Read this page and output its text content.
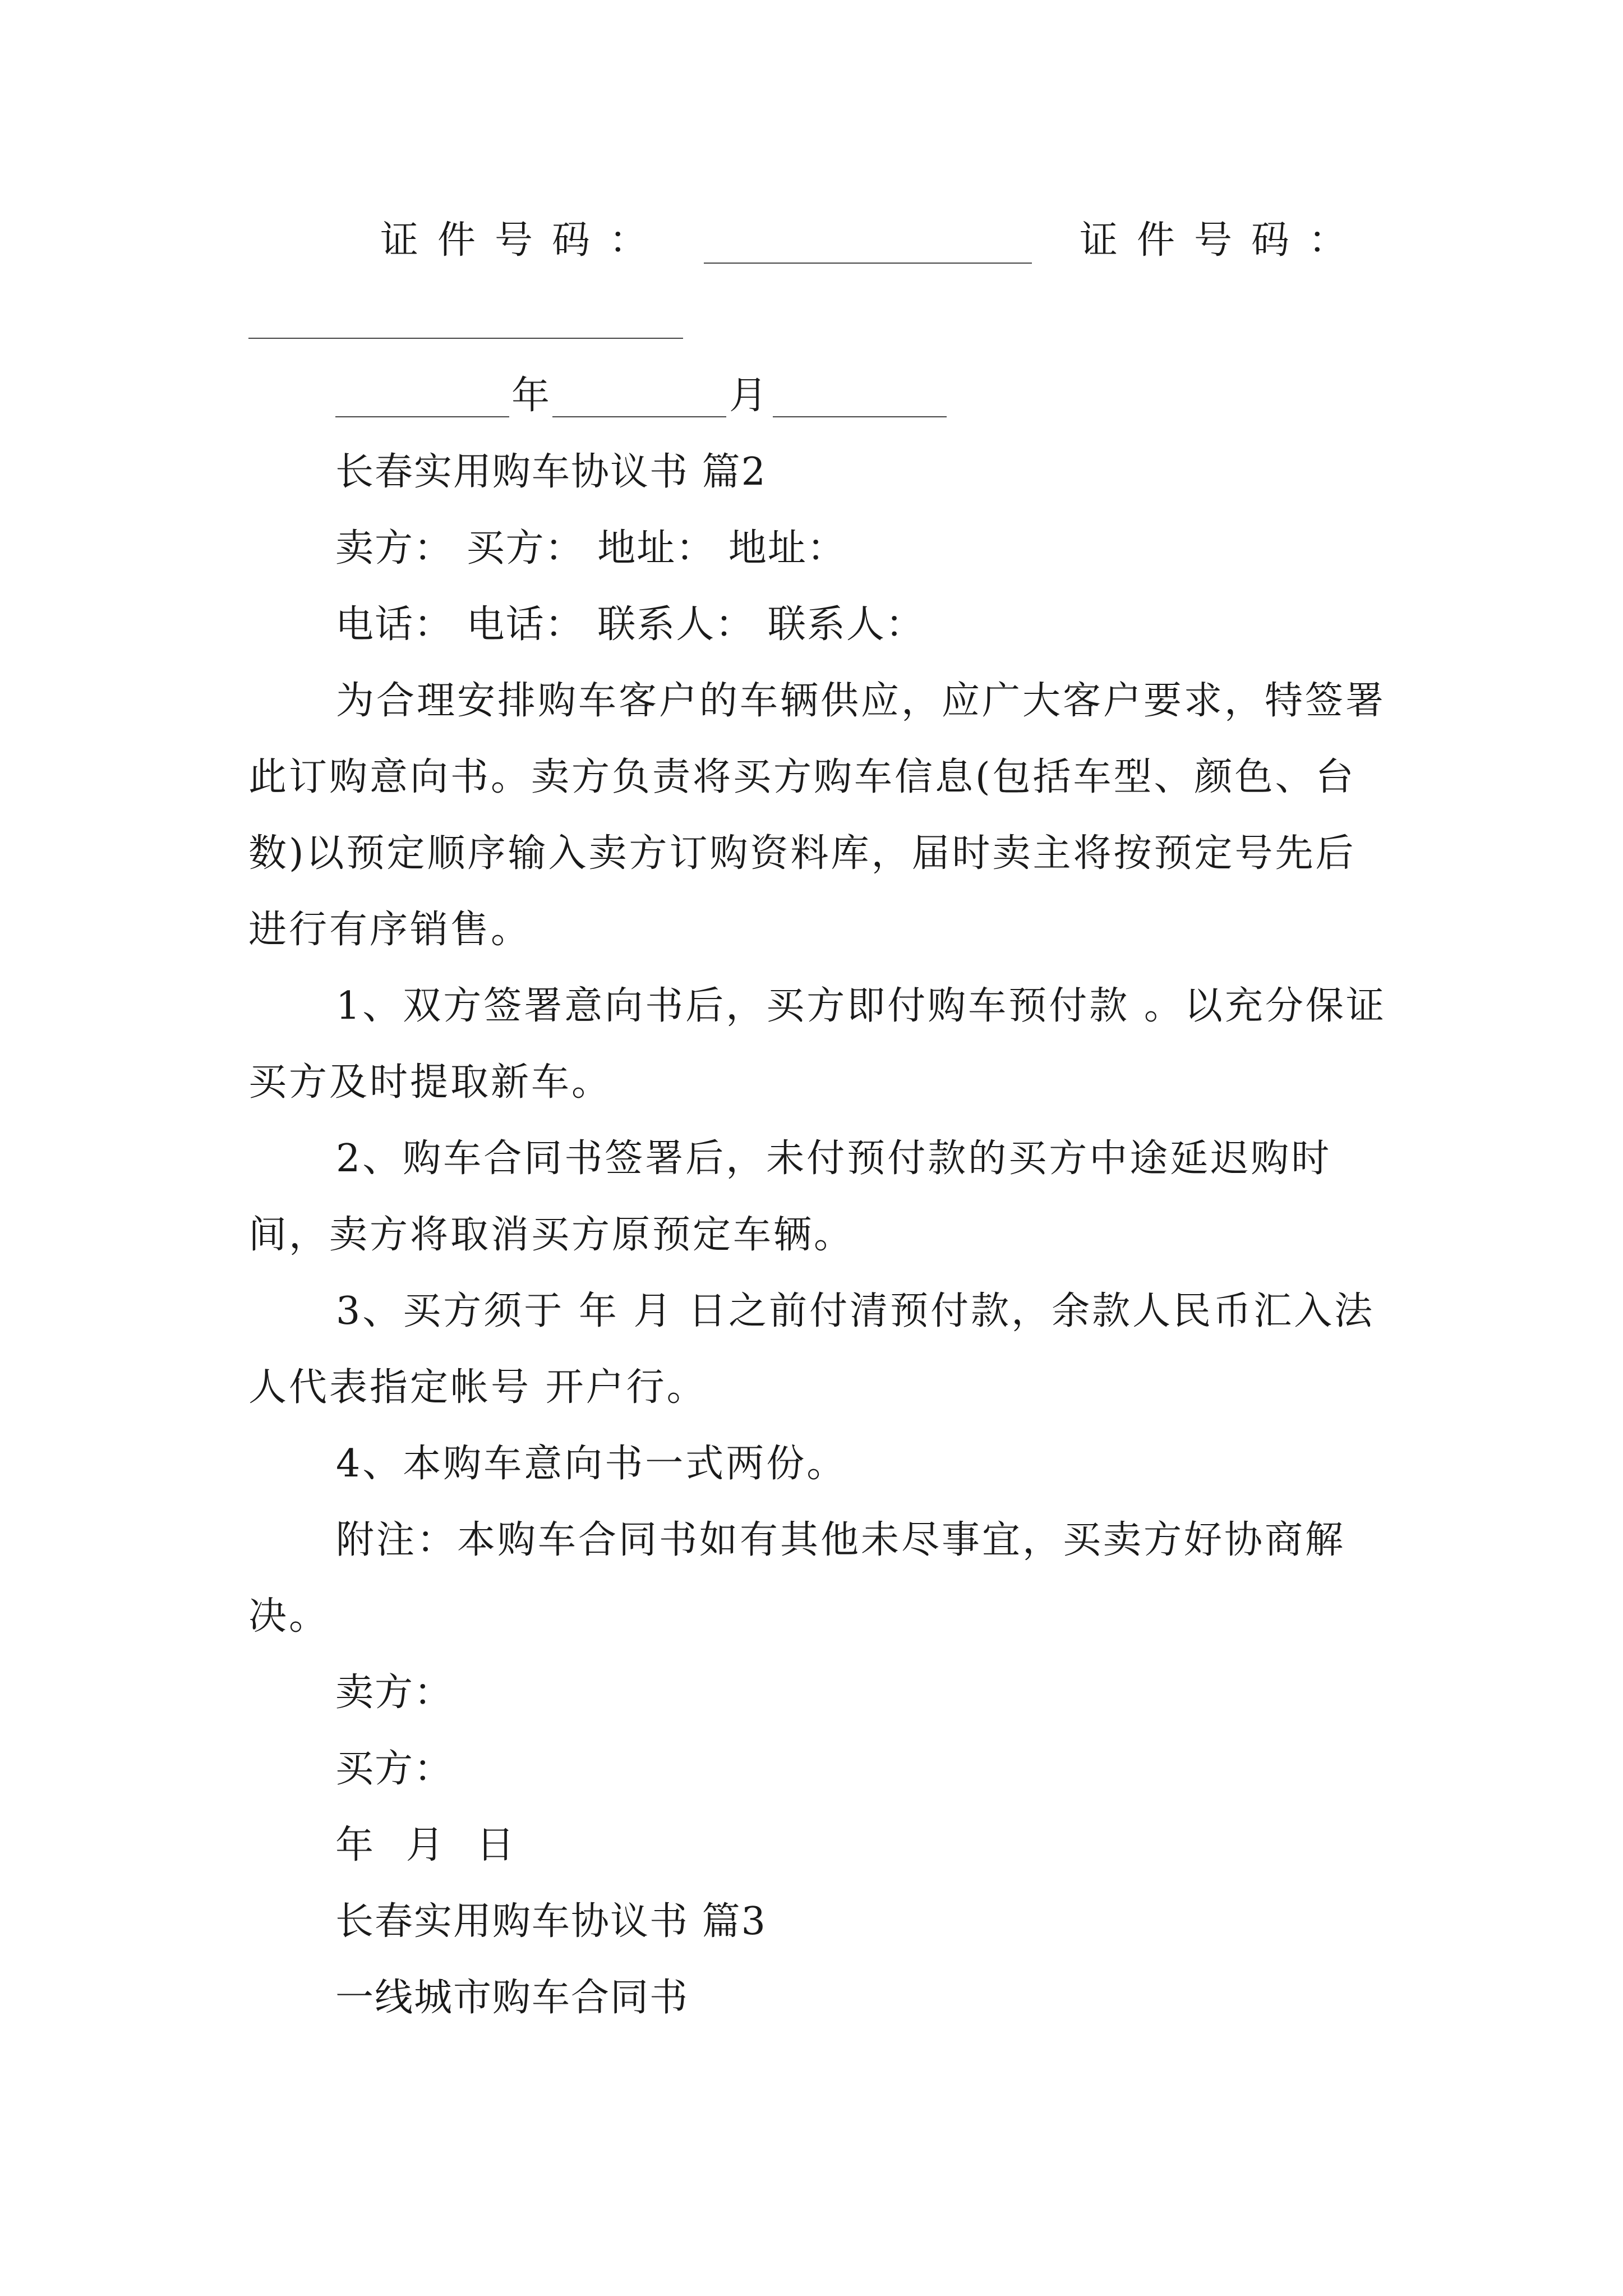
证件号码：	证件号码：
年	月
长春实用购车协议书 篇2
卖方： 买方： 地址： 地址：
电话： 电话： 联系人： 联系人：
为合理安排购车客户的车辆供应，应广大客户要求，特签署此订购意向书。卖方负责将买方购车信息(包括车型、颜色、台数)以预定顺序输入卖方订购资料库，届时卖主将按预定号先后进行有序销售。
1、双方签署意向书后，买方即付购车预付款 。以充分保证买方及时提取新车。
2、购车合同书签署后，未付预付款的买方中途延迟购时间，卖方将取消买方原预定车辆。
3、买方须于 年 月 日之前付清预付款，余款人民币汇入法人代表指定帐号 开户行。
4、本购车意向书一式两份。
附注：本购车合同书如有其他未尽事宜，买卖方好协商解决。
卖方：
买方：
年 月 日
长春实用购车协议书 篇3
一线城市购车合同书
